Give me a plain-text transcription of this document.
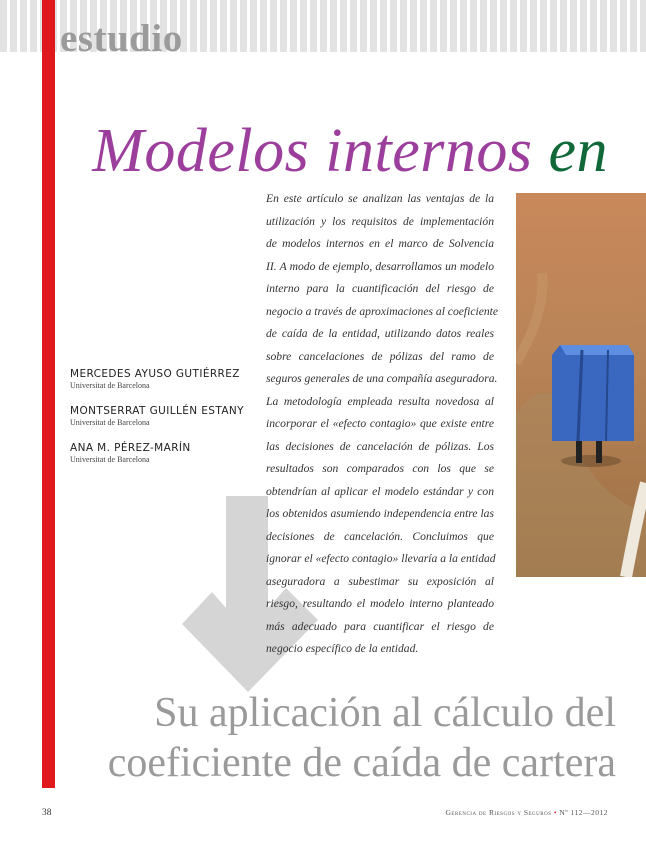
estudio
Modelos internos en
MERCEDES AYUSO GUTIÉRREZ
Universitat de Barcelona
MONTSERRAT GUILLÉN ESTANY
Universitat de Barcelona
ANA M. PÉREZ-MARÍN
Universitat de Barcelona
En este artículo se analizan las ventajas de la
utilización y los requisitos de implementación
de modelos internos en el marco de Solvencia
II. A modo de ejemplo, desarrollamos un modelo
interno para la cuantificación del riesgo de
negocio a través de aproximaciones al coeficiente
de caída de la entidad, utilizando datos reales
sobre cancelaciones de pólizas del ramo de
seguros generales de una compañía aseguradora.
La metodología empleada resulta novedosa al
incorporar el «efecto contagio» que existe entre
las decisiones de cancelación de pólizas. Los
resultados son comparados con los que se
obtendrían al aplicar el modelo estándar y con
los obtenidos asumiendo independencia entre las
decisiones de cancelación. Concluimos que
ignorar el «efecto contagio» llevaría a la entidad
aseguradora a subestimar su exposición al
riesgo, resultando el modelo interno planteado
más adecuado para cuantificar el riesgo de
negocio específico de la entidad.
Su aplicación al cálculo del
coeficiente de caída de cartera
38	Gerencia de Riesgos y Seguros • Nº 112—2012
